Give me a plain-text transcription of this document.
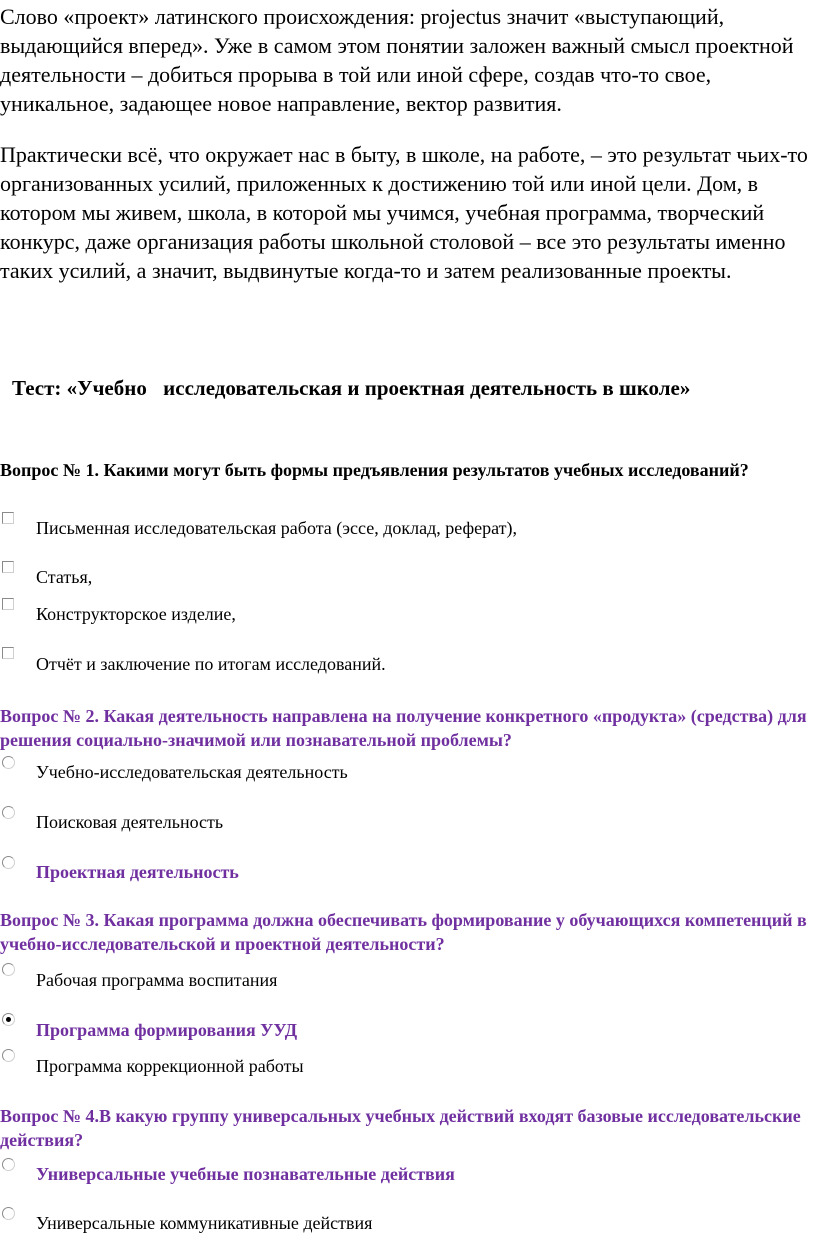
Слово «проект» латинского происхождения: projectus значит «выступающий, выдающийся вперед». Уже в самом этом понятии заложен важный смысл проектной деятельности – добиться прорыва в той или иной сфере, создав что-то свое, уникальное, задающее новое направление, вектор развития.

Практически всё, что окружает нас в быту, в школе, на работе, – это результат чьих-то организованных усилий, приложенных к достижению той или иной цели. Дом, в котором мы живем, школа, в которой мы учимся, учебная программа, творческий конкурс, даже организация работы школьной столовой – все это результаты именно таких усилий, а значит, выдвинутые когда-то и затем реализованные проекты.

Тест: «Учебно исследовательская и проектная деятельность в школе»
Вопрос № 1. Какими могут быть формы предъявления результатов учебных исследований?
Письменная исследовательская работа (эссе, доклад, реферат),
Статья,
Конструкторское изделие,
Отчёт и заключение по итогам исследований.
Вопрос № 2. Какая деятельность направлена на получение конкретного «продукта» (средства) для решения социально-значимой или познавательной проблемы?
Учебно-исследовательская деятельность
Поисковая деятельность
Проектная деятельность
Вопрос № 3. Какая программа должна обеспечивать формирование у обучающихся компетенций в учебно-исследовательской и проектной деятельности?
Рабочая программа воспитания
Программа формирования УУД
Программа коррекционной работы
Вопрос № 4.В какую группу универсальных учебных действий входят базовые исследовательские действия?
Универсальные учебные познавательные действия
Универсальные коммуникативные действия
